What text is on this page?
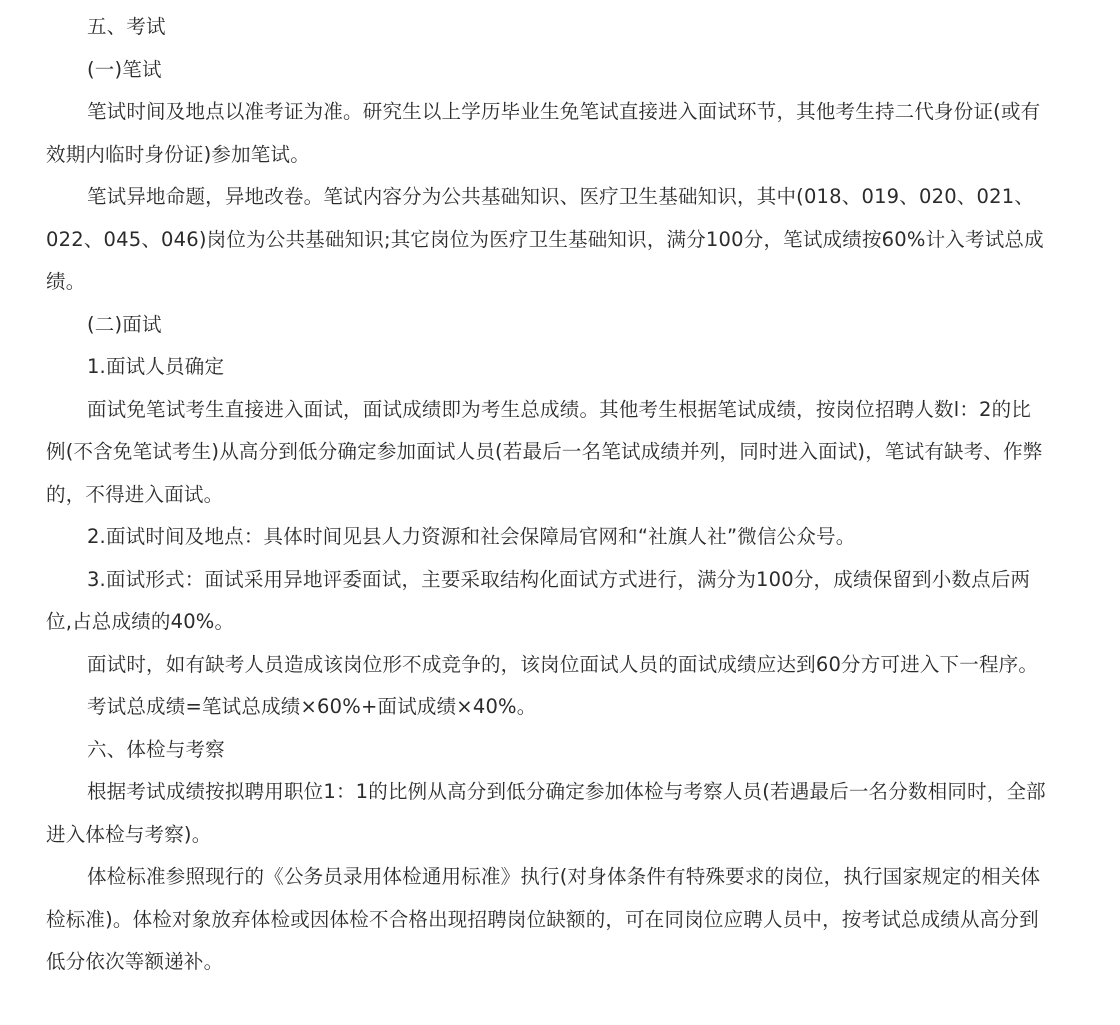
五、考试

(一)笔试

笔试时间及地点以准考证为准。研究生以上学历毕业生免笔试直接进入面试环节，其他考生持二代身份证(或有效期内临时身份证)参加笔试。

笔试异地命题，异地改卷。笔试内容分为公共基础知识、医疗卫生基础知识，其中(018、019、020、021、022、045、046)岗位为公共基础知识;其它岗位为医疗卫生基础知识，满分100分，笔试成绩按60%计入考试总成绩。

(二)面试

1.面试人员确定

面试免笔试考生直接进入面试，面试成绩即为考生总成绩。其他考生根据笔试成绩，按岗位招聘人数l：2的比例(不含免笔试考生)从高分到低分确定参加面试人员(若最后一名笔试成绩并列，同时进入面试)，笔试有缺考、作弊的，不得进入面试。

2.面试时间及地点：具体时间见县人力资源和社会保障局官网和“社旗人社”微信公众号。

3.面试形式：面试采用异地评委面试，主要采取结构化面试方式进行，满分为100分，成绩保留到小数点后两位,占总成绩的40%。

面试时，如有缺考人员造成该岗位形不成竞争的，该岗位面试人员的面试成绩应达到60分方可进入下一程序。

考试总成绩=笔试总成绩×60%+面试成绩×40%。

六、体检与考察

根据考试成绩按拟聘用职位1：1的比例从高分到低分确定参加体检与考察人员(若遇最后一名分数相同时，全部进入体检与考察)。

体检标准参照现行的《公务员录用体检通用标准》执行(对身体条件有特殊要求的岗位，执行国家规定的相关体检标准)。体检对象放弃体检或因体检不合格出现招聘岗位缺额的，可在同岗位应聘人员中，按考试总成绩从高分到低分依次等额递补。
